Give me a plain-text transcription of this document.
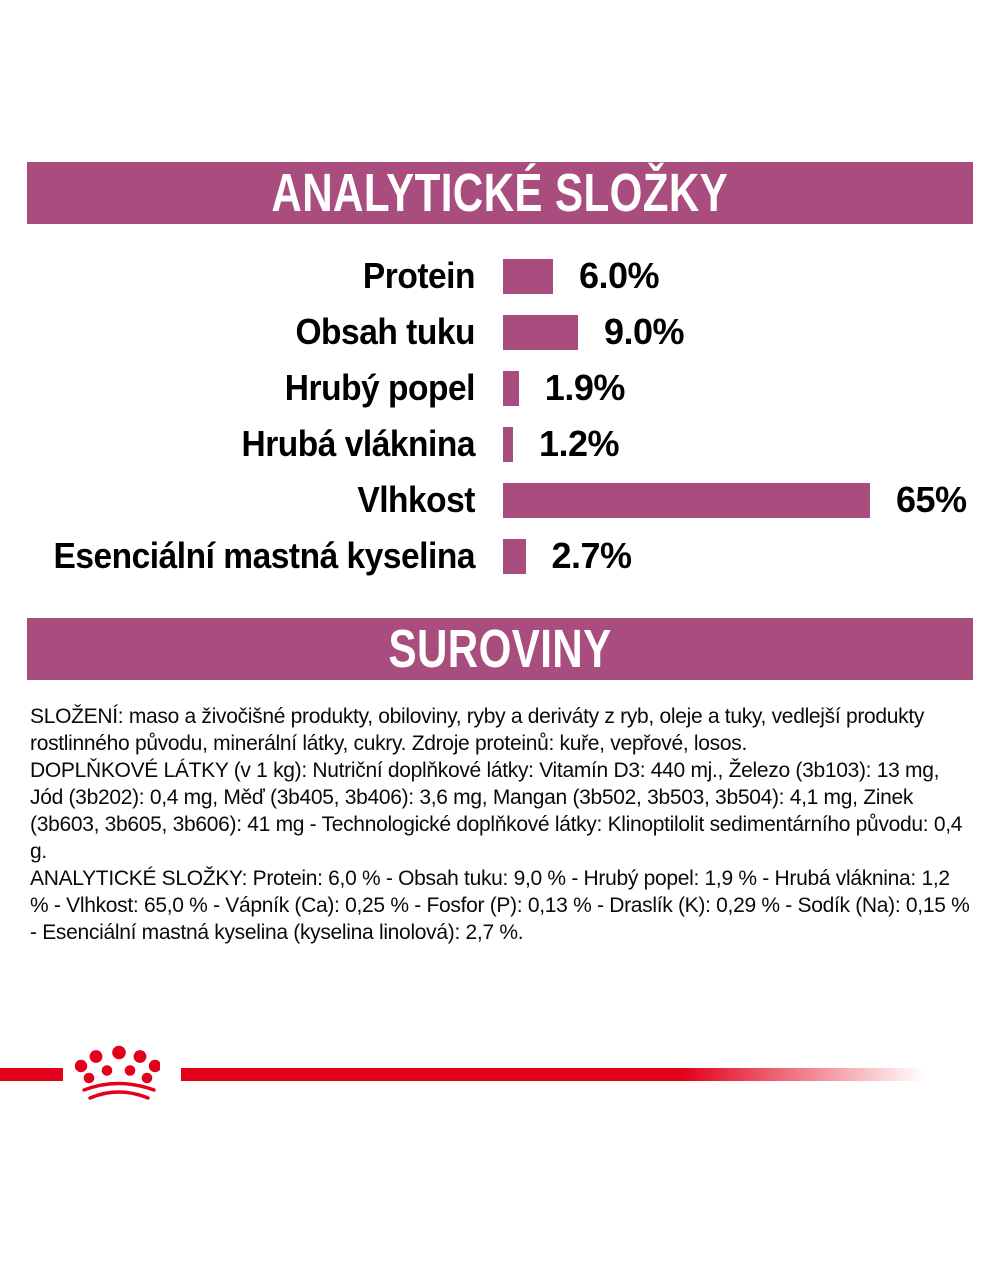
ANALYTICKÉ SLOŽKY
Protein	6.0%
Obsah tuku	9.0%
Hrubý popel 1.9%
Hrubá vláknina 1.2%
Vlhkost	65%
Esenciální mastná kyselina 2.7%
SUROVINY

SLOŽENÍ: maso a živočišné produkty, obiloviny, ryby a deriváty z ryb, oleje a tuky, vedlejší produkty rostlinného původu, minerální látky, cukry. Zdroje proteinů: kuře, vepřové, losos.

DOPLŇKOVÉ LÁTKY (v 1 kg): Nutriční doplňkové látky: Vitamín D3: 440 mj., Železo (3b103): 13 mg, Jód (3b202): 0,4 mg, Měď (3b405, 3b406): 3,6 mg, Mangan (3b502, 3b503, 3b504): 4,1 mg, Zinek (3b603, 3b605, 3b606): 41 mg - Technologické doplňkové látky: Klinoptilolit sedimentárního původu: 0,4 g.

ANALYTICKÉ SLOŽKY: Protein: 6,0 % - Obsah tuku: 9,0 % - Hrubý popel: 1,9 % - Hrubá vláknina: 1,2 % - Vlhkost: 65,0 % - Vápník (Ca): 0,25 % - Fosfor (P): 0,13 % - Draslík (K): 0,29 % - Sodík (Na): 0,15 % - Esenciální mastná kyselina (kyselina linolová): 2,7 %.
